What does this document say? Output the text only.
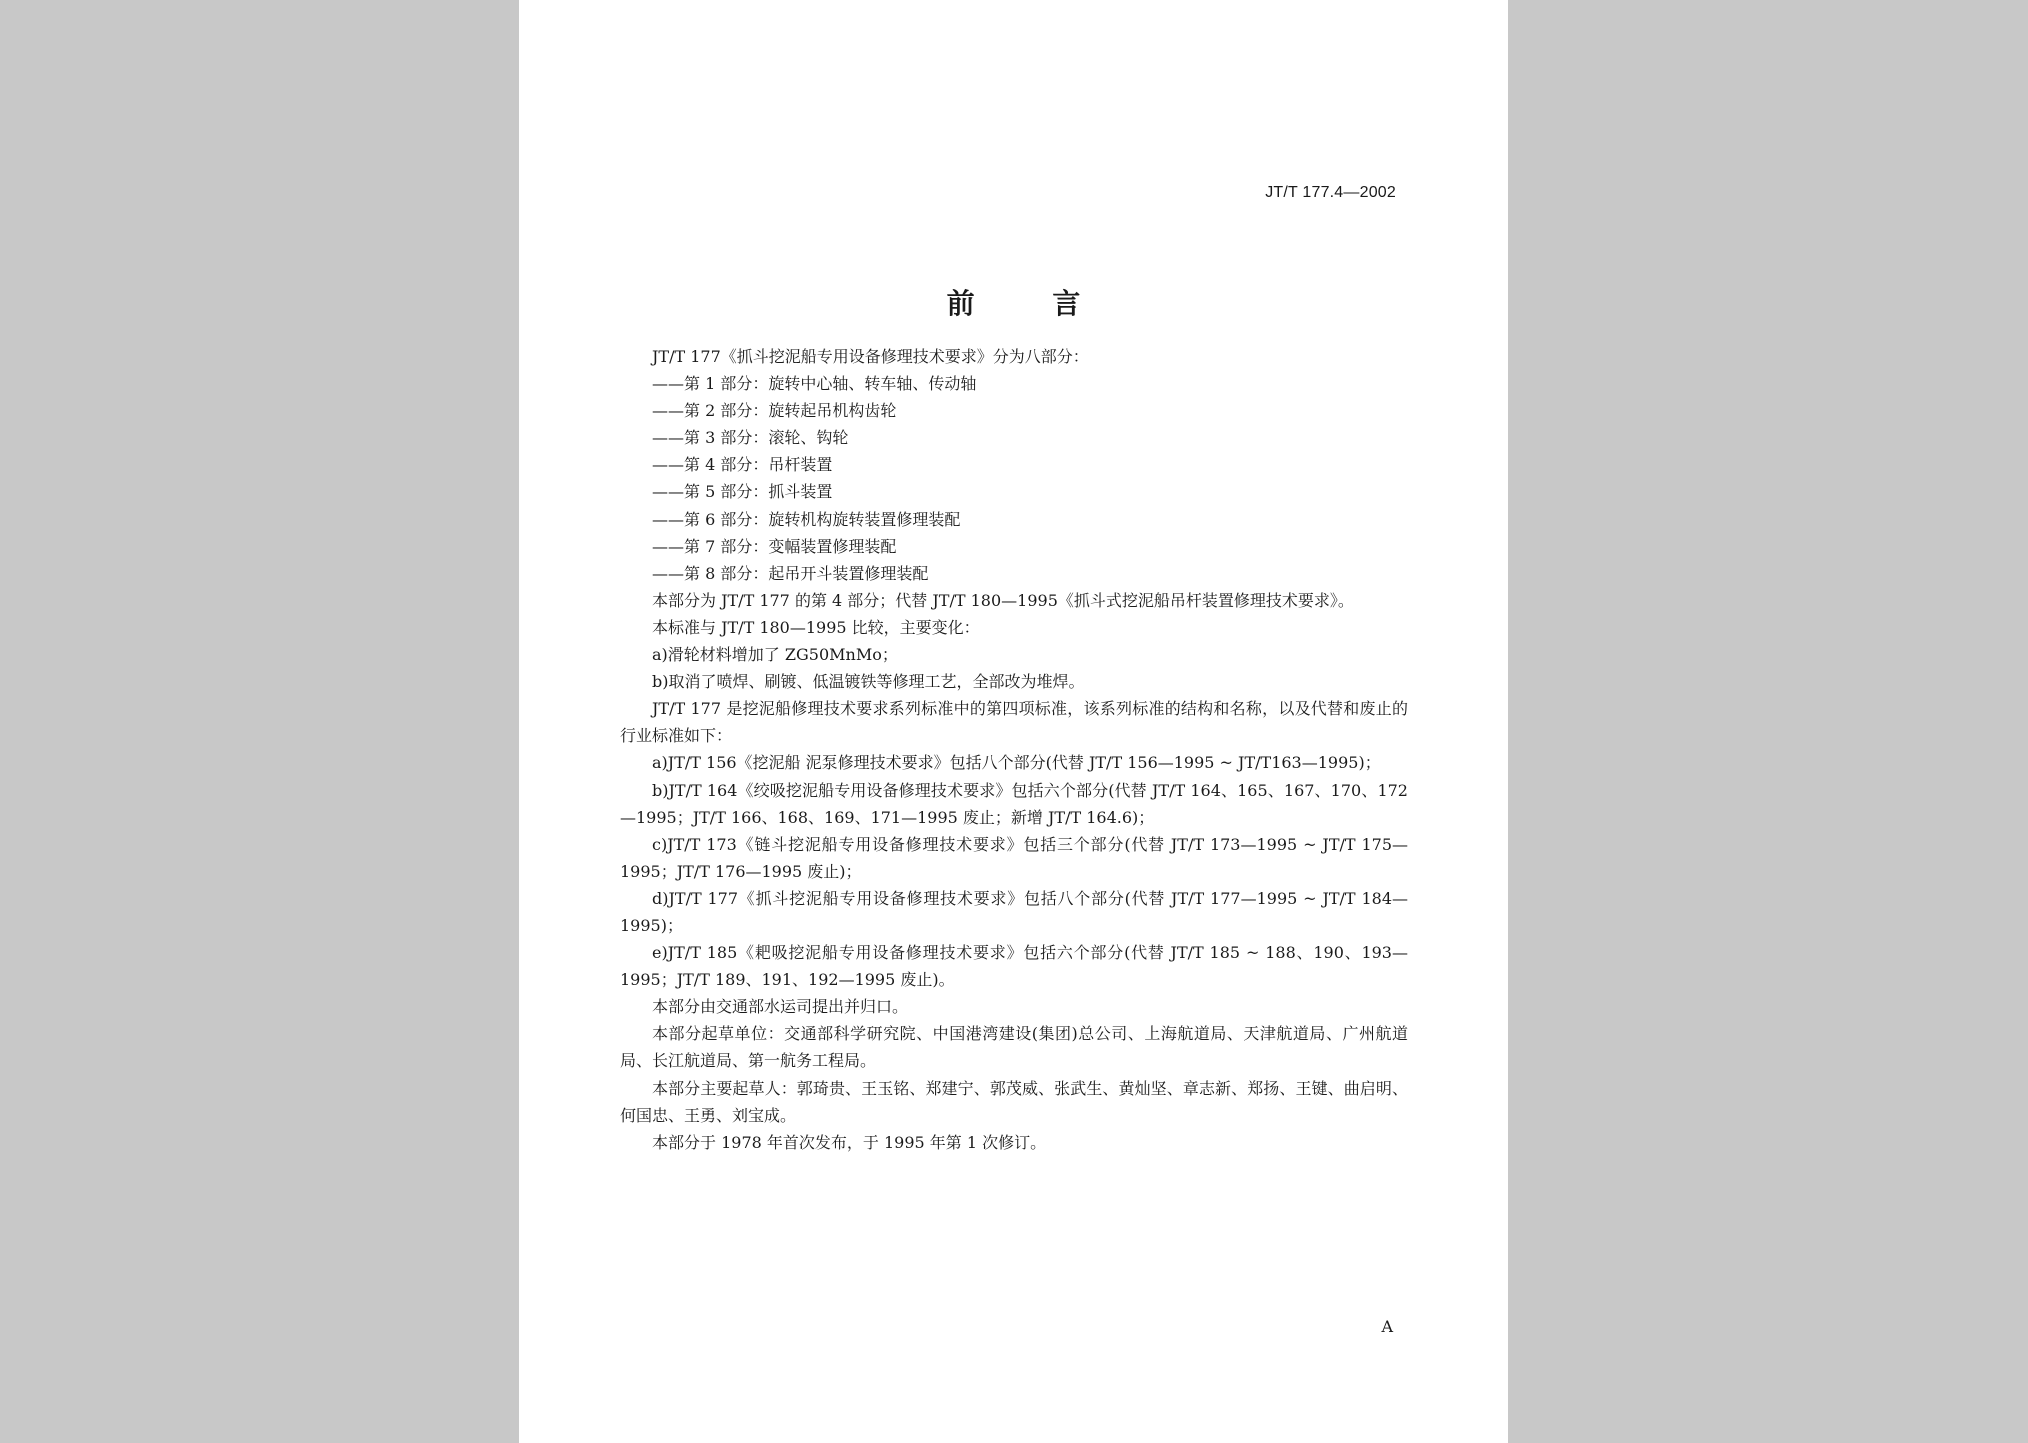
JT/T 177.4—2002
前 言

JT/T 177《抓斗挖泥船专用设备修理技术要求》分为八部分：

——第 1 部分：旋转中心轴、转车轴、传动轴

——第 2 部分：旋转起吊机构齿轮

——第 3 部分：滚轮、钩轮

——第 4 部分：吊杆装置

——第 5 部分：抓斗装置

——第 6 部分：旋转机构旋转装置修理装配

——第 7 部分：变幅装置修理装配

——第 8 部分：起吊开斗装置修理装配

本部分为 JT/T 177 的第 4 部分；代替 JT/T 180—1995《抓斗式挖泥船吊杆装置修理技术要求》。

本标准与 JT/T 180—1995 比较，主要变化：

a)滑轮材料增加了 ZG50MnMo；

b)取消了喷焊、刷镀、低温镀铁等修理工艺，全部改为堆焊。

JT/T 177 是挖泥船修理技术要求系列标准中的第四项标准，该系列标准的结构和名称，以及代替和废止的行业标准如下：

a)JT/T 156《挖泥船 泥泵修理技术要求》包括八个部分(代替 JT/T 156—1995 ~ JT/T163—1995)；

b)JT/T 164《绞吸挖泥船专用设备修理技术要求》包括六个部分(代替 JT/T 164、165、167、170、172—1995；JT/T 166、168、169、171—1995 废止；新增 JT/T 164.6)；

c)JT/T 173《链斗挖泥船专用设备修理技术要求》包括三个部分(代替 JT/T 173—1995 ~ JT/T 175—1995；JT/T 176—1995 废止)；

d)JT/T 177《抓斗挖泥船专用设备修理技术要求》包括八个部分(代替 JT/T 177—1995 ~ JT/T 184—1995)；

e)JT/T 185《耙吸挖泥船专用设备修理技术要求》包括六个部分(代替 JT/T 185 ~ 188、190、193—1995；JT/T 189、191、192—1995 废止)。

本部分由交通部水运司提出并归口。

本部分起草单位：交通部科学研究院、中国港湾建设(集团)总公司、上海航道局、天津航道局、广州航道局、长江航道局、第一航务工程局。

本部分主要起草人：郭琦贵、王玉铭、郑建宁、郭茂威、张武生、黄灿坚、章志新、郑扬、王键、曲启明、何国忠、王勇、刘宝成。

本部分于 1978 年首次发布，于 1995 年第 1 次修订。

A
